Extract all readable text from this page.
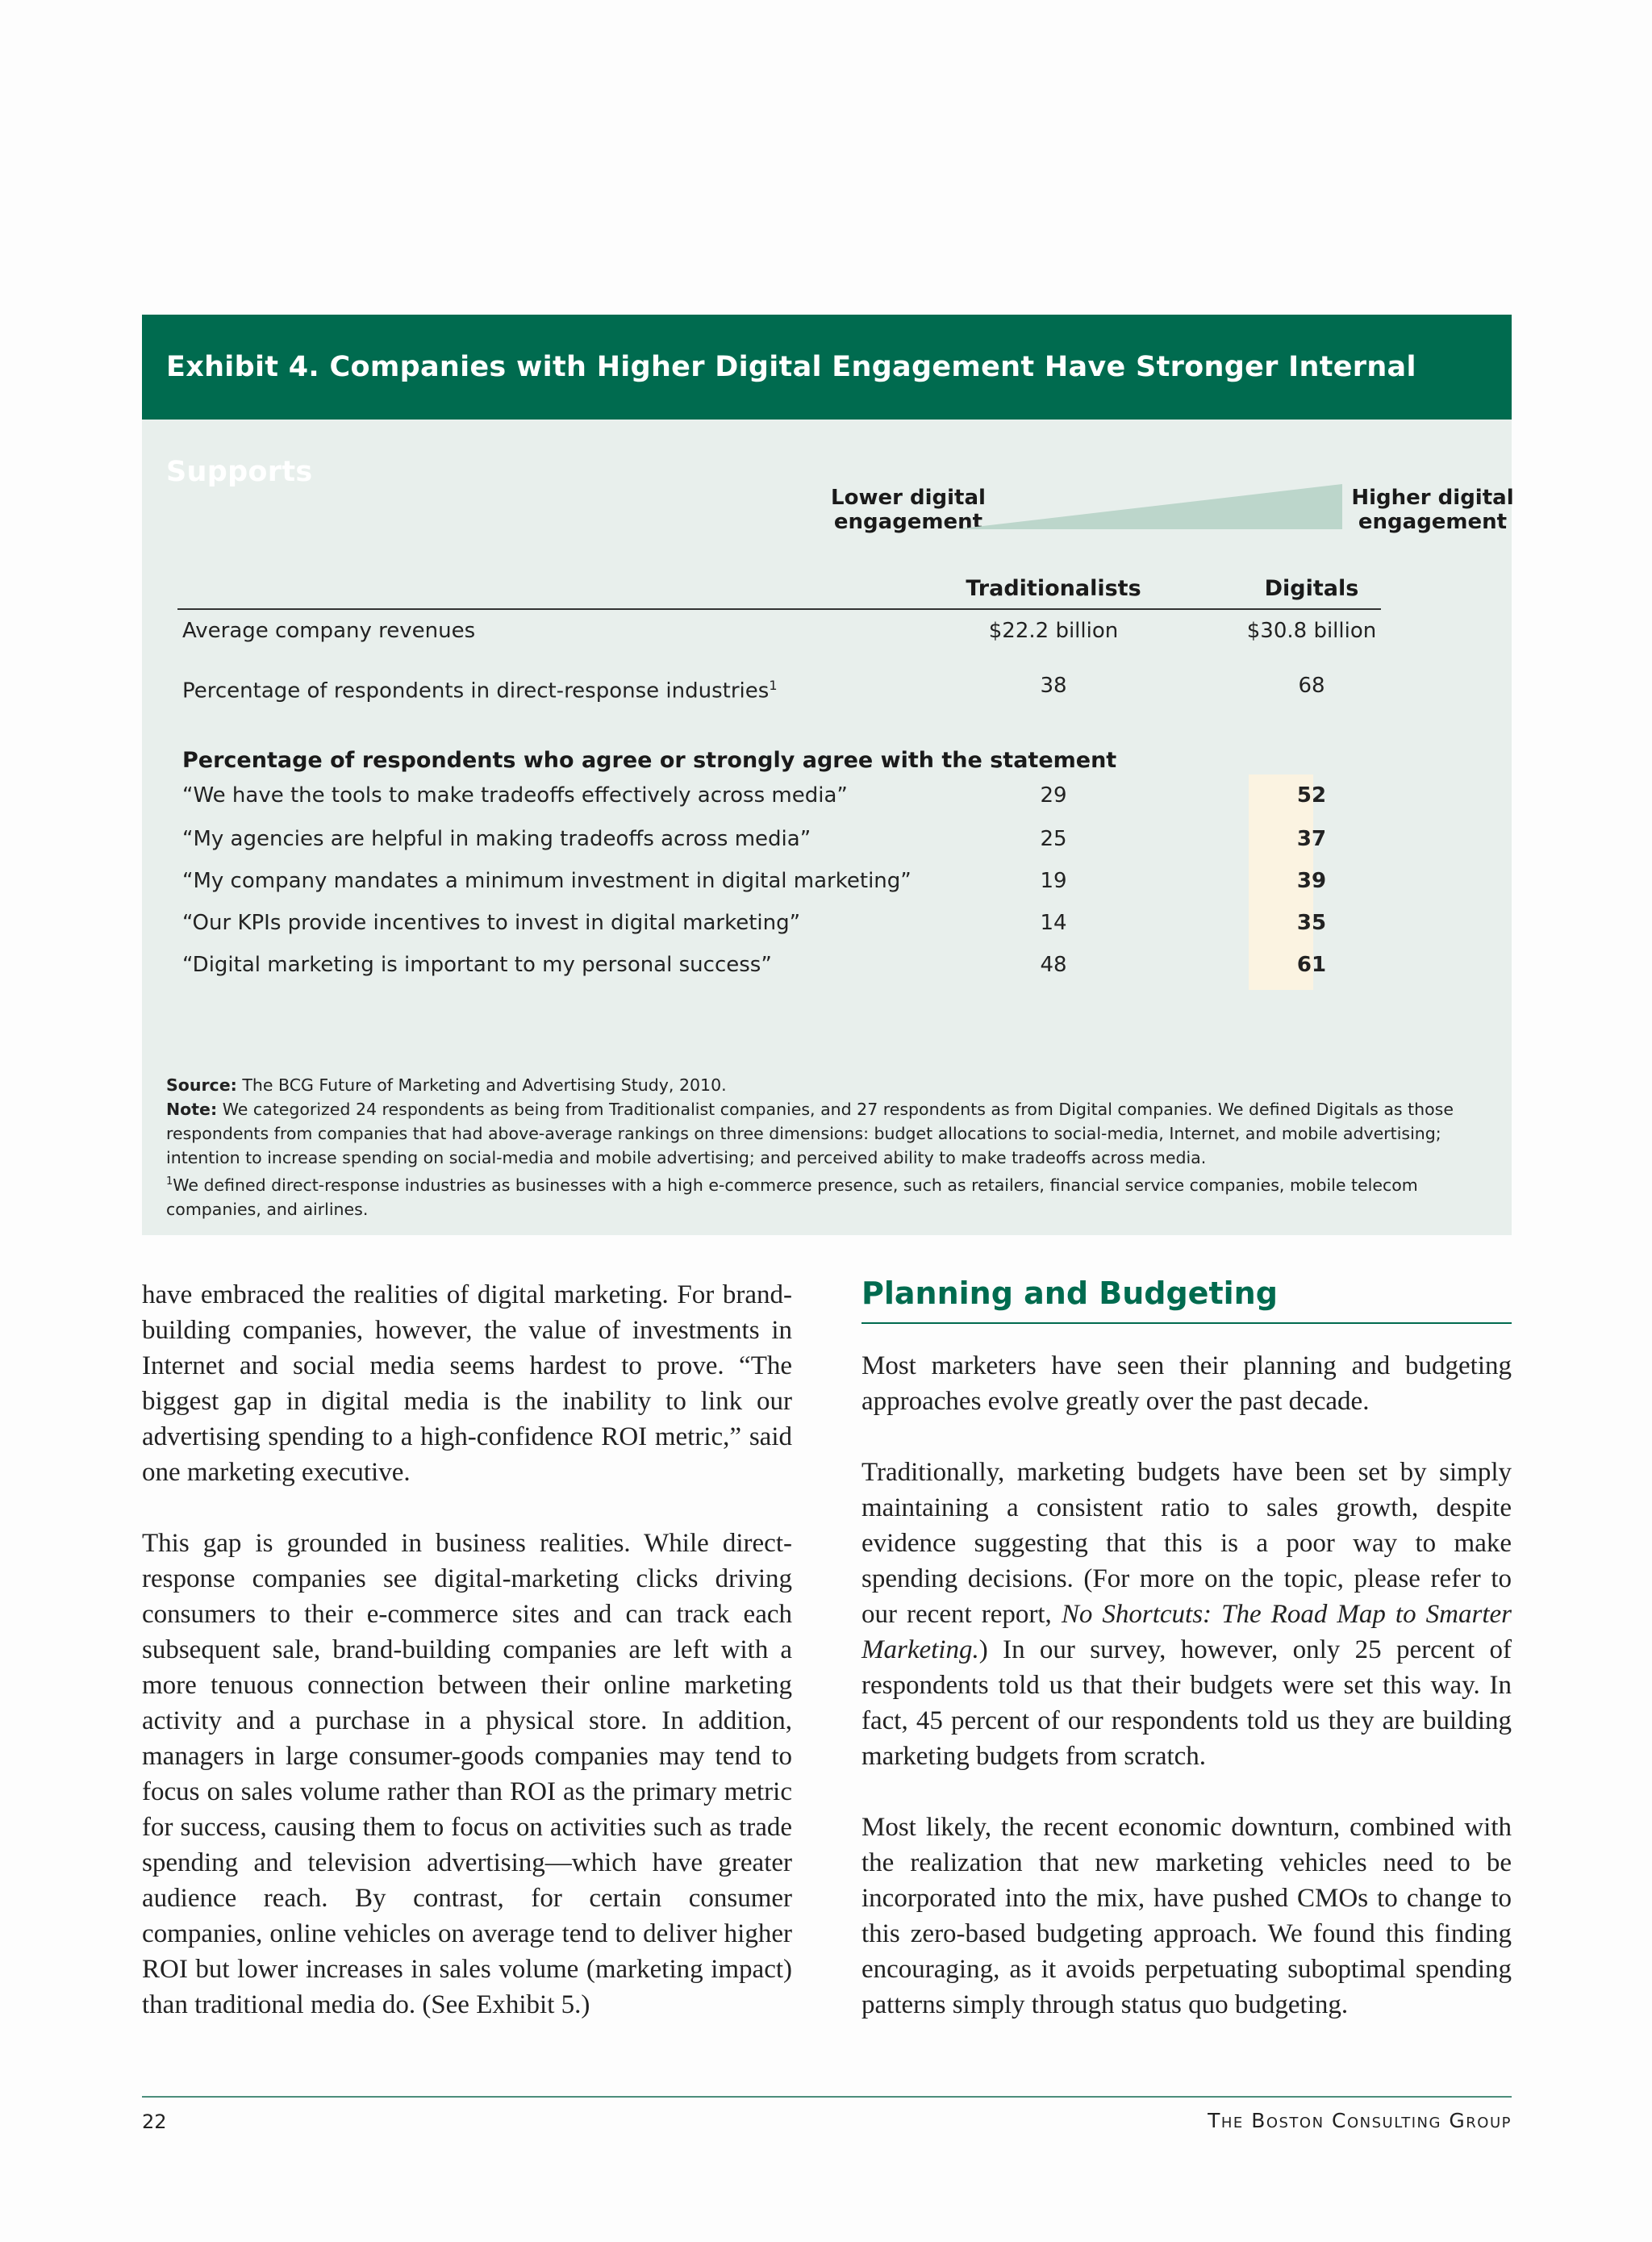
Exhibit 4. Companies with Higher Digital Engagement Have Stronger Internal Supports
Lower digital
engagement
Higher digital
engagement
Traditionalists	Digitals
Average company revenues	$22.2 billion	$30.8 billion
Percentage of respondents in direct-response industries$^1$	38	68
Percentage of respondents who agree or strongly agree with the statement
“We have the tools to make tradeoffs effectively across media”	29	52
“My agencies are helpful in making tradeoffs across media”	25	37
“My company mandates a minimum investment in digital marketing”	19	39
“Our KPIs provide incentives to invest in digital marketing”	14	35
“Digital marketing is important to my personal success”	48	61

Source: The BCG Future of Marketing and Advertising Study, 2010.

Note: We categorized 24 respondents as being from Traditionalist companies, and 27 respondents as from Digital companies. We defined Digitals as those respondents from companies that had above-average rankings on three dimensions: budget allocations to social-media, Internet, and mobile advertising; intention to increase spending on social-media and mobile advertising; and perceived ability to make tradeoffs across media.

$^1$We defined direct-response industries as businesses with a high e-commerce presence, such as retailers, financial service companies, mobile telecom companies, and airlines.

have embraced the realities of digital marketing. For brand-building companies, however, the value of investments in Internet and social media seems hardest to prove. “The biggest gap in digital media is the inability to link our advertising spending to a high-confidence ROI metric,” said one marketing executive.

This gap is grounded in business realities. While direct-response companies see digital-marketing clicks driving consumers to their e-commerce sites and can track each subsequent sale, brand-building companies are left with a more tenuous connection between their online marketing activity and a purchase in a physical store. In addition, managers in large consumer-goods companies may tend to focus on sales volume rather than ROI as the primary metric for success, causing them to focus on activities such as trade spending and television advertising—which have greater audience reach. By contrast, for certain consumer companies, online vehicles on average tend to deliver higher ROI but lower increases in sales volume (marketing impact) than traditional media do. (See Exhibit 5.)

Planning and Budgeting

Most marketers have seen their planning and budgeting approaches evolve greatly over the past decade.

Traditionally, marketing budgets have been set by simply maintaining a consistent ratio to sales growth, despite evidence suggesting that this is a poor way to make spending decisions. (For more on the topic, please refer to our recent report, No Shortcuts: The Road Map to Smarter Marketing.) In our survey, however, only 25 percent of respondents told us that their budgets were set this way. In fact, 45 percent of our respondents told us they are building marketing budgets from scratch.

Most likely, the recent economic downturn, combined with the realization that new marketing vehicles need to be incorporated into the mix, have pushed CMOs to change to this zero-based budgeting approach. We found this finding encouraging, as it avoids perpetuating suboptimal spending patterns simply through status quo budgeting.

22	The Boston Consulting Group
